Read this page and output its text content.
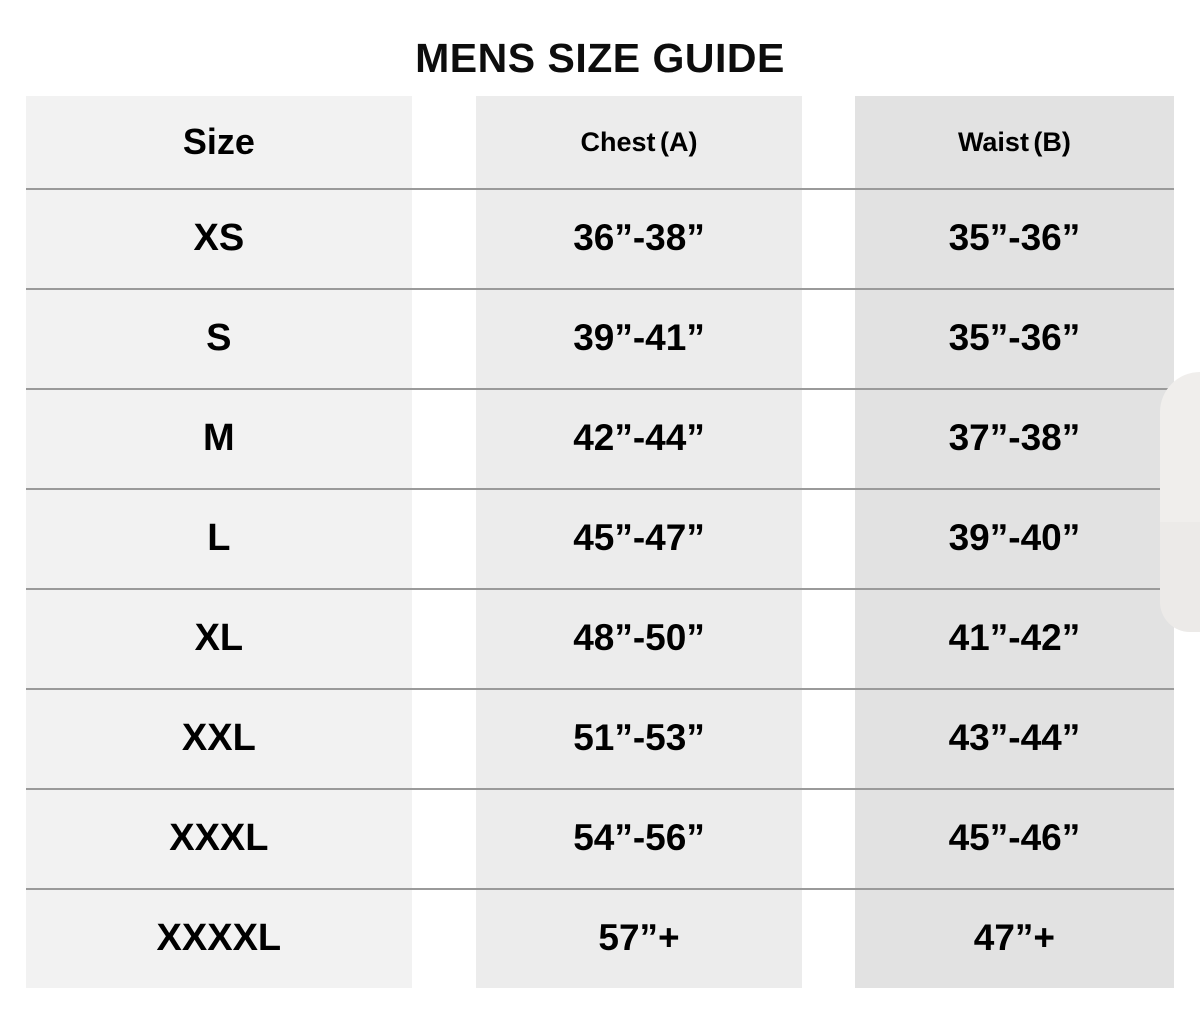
MENS SIZE GUIDE
Size		Chest (A)		Waist (B)
XS		36”-38”		35”-36”
S		39”-41”		35”-36”
M		42”-44”		37”-38”
L		45”-47”		39”-40”
XL		48”-50”		41”-42”
XXL		51”-53”		43”-44”
XXXL		54”-56”		45”-46”
XXXXL		57”+		47”+
